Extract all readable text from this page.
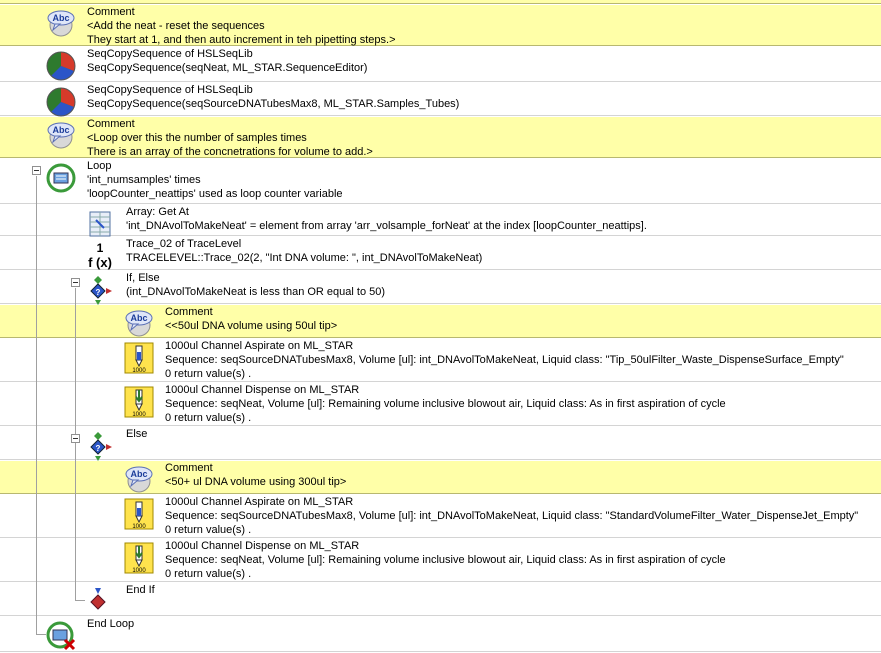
Abc Comment
<Add the neat - reset the sequences
They start at 1, and then auto increment in teh pipetting steps.>
SeqCopySequence of HSLSeqLib
SeqCopySequence(seqNeat, ML_STAR.SequenceEditor)
SeqCopySequence of HSLSeqLib
SeqCopySequence(seqSourceDNATubesMax8, ML_STAR.Samples_Tubes)
Abc Comment
<Loop over this the number of samples times
There is an array of the concnetrations for volume to add.>
Loop
'int_numsamples' times
'loopCounter_neattips' used as loop counter variable
Array: Get At
'int_DNAvolToMakeNeat' = element from array 'arr_volsample_forNeat' at the index [loopCounter_neattips].
1
f (x)
Trace_02 of TraceLevel
TRACELEVEL::Trace_02(2, "Int DNA volume: ", int_DNAvolToMakeNeat)
?
If, Else
(int_DNAvolToMakeNeat is less than OR equal to 50)
Abc Comment
<<50ul DNA volume using 50ul tip>
1000
1000ul Channel Aspirate on ML_STAR
Sequence: seqSourceDNATubesMax8, Volume [ul]: int_DNAvolToMakeNeat, Liquid class: "Tip_50ulFilter_Waste_DispenseSurface_Empty"
0 return value(s) .
1000
1000ul Channel Dispense on ML_STAR
Sequence: seqNeat, Volume [ul]: Remaining volume inclusive blowout air, Liquid class: As in first aspiration of cycle
0 return value(s) .
?
Else
Abc Comment
<50+ ul DNA volume using 300ul tip>
1000
1000ul Channel Aspirate on ML_STAR
Sequence: seqSourceDNATubesMax8, Volume [ul]: int_DNAvolToMakeNeat, Liquid class: "StandardVolumeFilter_Water_DispenseJet_Empty"
0 return value(s) .
1000
1000ul Channel Dispense on ML_STAR
Sequence: seqNeat, Volume [ul]: Remaining volume inclusive blowout air, Liquid class: As in first aspiration of cycle
0 return value(s) .
End If
End Loop
